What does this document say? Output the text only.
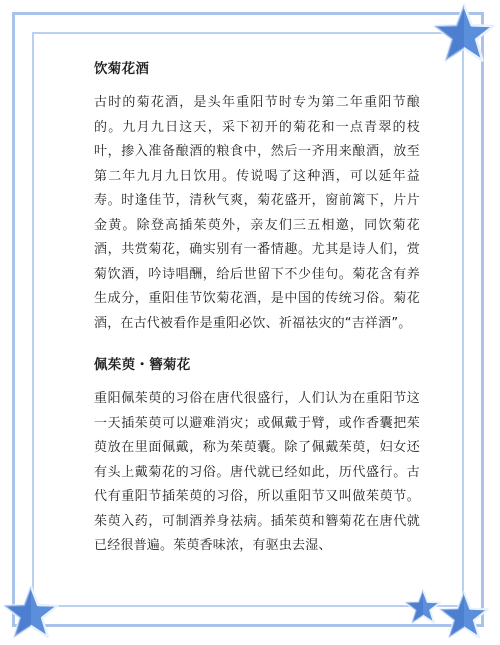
饮菊花酒
古时的菊花酒，是头年重阳节时专为第二年重阳节酿的。九月九日这天，采下初开的菊花和一点青翠的枝叶，掺入准备酿酒的粮食中，然后一齐用来酿酒，放至第二年九月九日饮用。传说喝了这种酒，可以延年益寿。时逢佳节，清秋气爽，菊花盛开，窗前篱下，片片金黄。除登高插茱萸外，亲友们三五相邀，同饮菊花酒，共赏菊花，确实别有一番情趣。尤其是诗人们，赏菊饮酒，吟诗唱酬，给后世留下不少佳句。菊花含有养生成分，重阳佳节饮菊花酒，是中国的传统习俗。菊花酒，在古代被看作是重阳必饮、祈福祛灾的“吉祥酒”。
佩茱萸・簪菊花
重阳佩茱萸的习俗在唐代很盛行，人们认为在重阳节这一天插茱萸可以避难消灾；或佩戴于臂，或作香囊把茱萸放在里面佩戴，称为茱萸囊。除了佩戴茱萸，妇女还有头上戴菊花的习俗。唐代就已经如此，历代盛行。古代有重阳节插茱萸的习俗，所以重阳节又叫做茱萸节。茱萸入药，可制酒养身祛病。插茱萸和簪菊花在唐代就已经很普遍。茱萸香味浓，有驱虫去湿、
